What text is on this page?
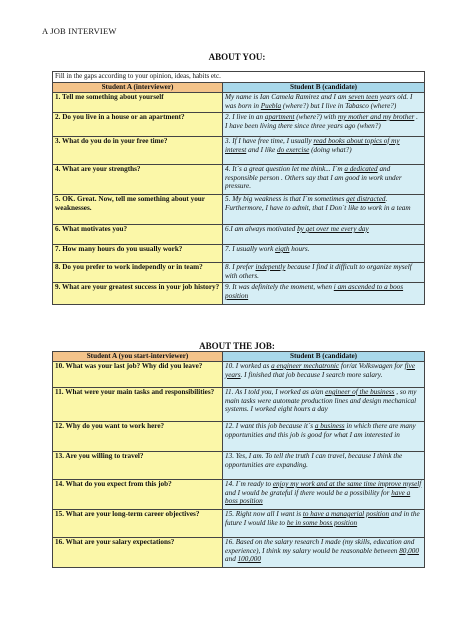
A JOB INTERVIEW
ABOUT YOU:
Fill in the gaps according to your opinion, ideas, habits etc.	
Student A (interviewer)	Student B (candidate)
1. Tell me something about yourself	My name is Ian Camela Ramirez and I am seven teen years old. I was born in Puebla (where?) but I live in Tabasco (where?)
2. Do you live in a house or an apartment?	2. I live in an apartment (where?) with my mother and my brother . I have been living there since three years ago (when?)
3. What do you do in your free time?	3. If I have free time, I usually read books about topics of my interest and I like do exercise (doing what?)
4. What are your strengths?	4. It´s a great question let me think... I´m a dedicated and responsible person . Others say that I am good in work under pressure.
5. OK. Great. Now, tell me something about your weaknesses.	5. My big weakness is that I´m sometimes get distracted. Furthermore, I have to admit, that I Don´t like to work in a team
6. What motivates you?	6.I am always motivated by get over me every day
7. How many hours do you usually work?	7. I usually work eigth hours.
8. Do you prefer to work independly or in team?	8. I prefer indepently because I find it difficult to organize myself with others.
9. What are your greatest success in your job history?	9. It was definitely the moment, when i am ascended to a boos position
ABOUT THE JOB:
Student A (you start-interviewer)	Student B (candidate)
10. What was your last job? Why did you leave?	10. I worked as a engineer mechatronic for/at Volkswagen for five years. I finished that job because I search more salary.
11. What were your main tasks and responsibilities?	11. As I told you, I worked as a/an engineer of the business , so my main tasks were automate production lines and design mechanical systems. I worked eight hours a day
12. Why do you want to work here?	12. I want this job because it´s a business in which there are many opportunities and this job is good for what I am interested in
13. Are you willing to travel?	13. Yes, I am. To tell the truth I can travel, because I think the opportunities are expanding.
14. What do you expect from this job?	14. I´m ready to enjoy my work and at the same time improve myself and I would be grateful if there would be a possibility for have a boss position
15. What are your long-term career objectives?	15. Right now all I want is to have a managerial position and in the future I would like to be in some boss position
16. What are your salary expectations?	16. Based on the salary research I made (my skills, education and experience), I think my salary would be reasonable between 80,000 and 100,000
